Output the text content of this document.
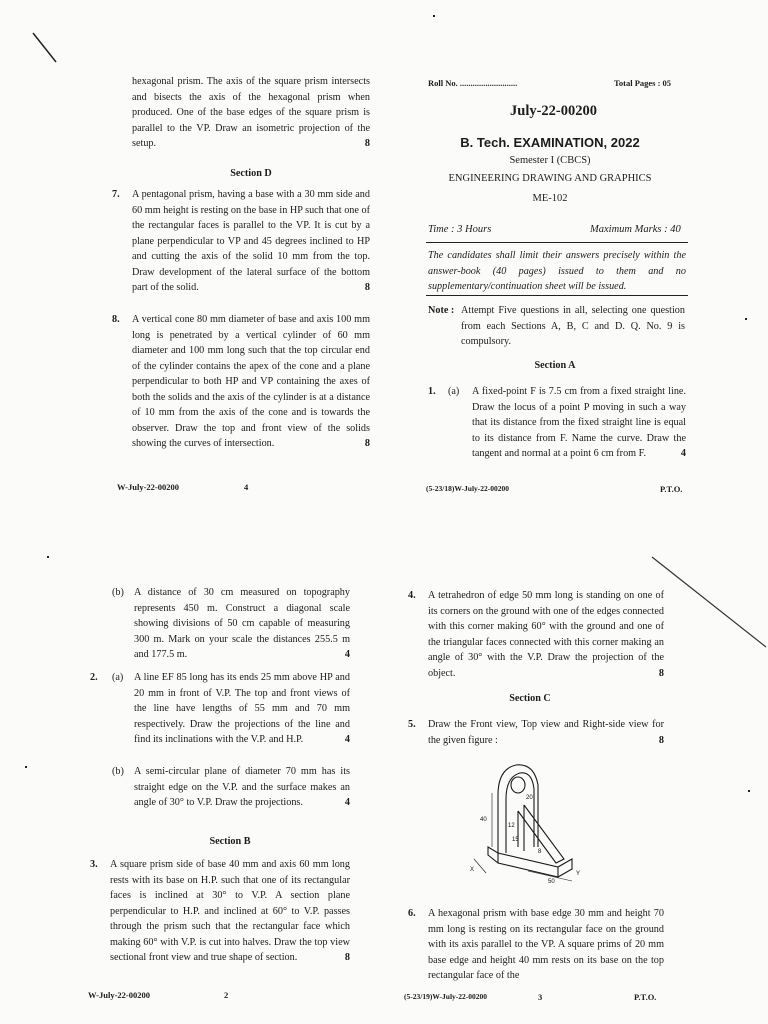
hexagonal prism. The axis of the square prism intersects and bisects the axis of the hexagonal prism when produced. One of the base edges of the square prism is parallel to the VP. Draw an isometric projection of the setup.	8
Section D
7. A pentagonal prism, having a base with a 30 mm side and 60 mm height is resting on the base in HP such that one of the rectangular faces is parallel to the VP. It is cut by a plane perpendicular to VP and 45 degrees inclined to HP and cutting the axis of the solid 10 mm from the top. Draw development of the lateral surface of the bottom part of the solid.	8
8. A vertical cone 80 mm diameter of base and axis 100 mm long is penetrated by a vertical cylinder of 60 mm diameter and 100 mm long such that the top circular end of the cylinder contains the apex of the cone and a plane perpendicular to both HP and VP containing the axes of both the solids and the axis of the cylinder is at a distance of 10 mm from the axis of the cone and is towards the observer. Draw the top and front view of the solids showing the curves of intersection.	8
W-July-22-00200	4
Roll No. ...........................	Total Pages : 05
July-22-00200
B. Tech. EXAMINATION, 2022
Semester I (CBCS)
ENGINEERING DRAWING AND GRAPHICS
ME-102
Time : 3 Hours	Maximum Marks : 40
The candidates shall limit their answers precisely within the answer-book (40 pages) issued to them and no supplementary/continuation sheet will be issued.
Note : Attempt Five questions in all, selecting one question from each Sections A, B, C and D. Q. No. 9 is compulsory.
Section A
1. (a) A fixed-point F is 7.5 cm from a fixed straight line. Draw the locus of a point P moving in such a way that its distance from the fixed straight line is equal to its distance from F. Name the curve. Draw the tangent and normal at a point 6 cm from F.	4
(5-23/18)W-July-22-00200	P.T.O.
(b) A distance of 30 cm measured on topography represents 450 m. Construct a diagonal scale showing divisions of 50 cm capable of measuring 300 m. Mark on your scale the distances 255.5 m and 177.5 m.	4
2. (a) A line EF 85 long has its ends 25 mm above HP and 20 mm in front of V.P. The top and front views of the line have lengths of 55 mm and 70 mm respectively. Draw the projections of the line and find its inclinations with the V.P. and H.P.	4
(b) A semi-circular plane of diameter 70 mm has its straight edge on the V.P. and the surface makes an angle of 30° to V.P. Draw the projections.	4
Section B
3. A square prism side of base 40 mm and axis 60 mm long rests with its base on H.P. such that one of its rectangular faces is inclined at 30° to V.P. A section plane perpendicular to H.P. and inclined at 60° to V.P. passes through the prism such that the rectangular face which making 60° with V.P. is cut into halves. Draw the top view sectional front view and true shape of section.	8
W-July-22-00200	2
4. A tetrahedron of edge 50 mm long is standing on one of its corners on the ground with one of the edges connected with this corner making 60° with the ground and one of the triangular faces connected with this corner making an angle of 30° with the V.P. Draw the projection of the object.	8
Section C
5. Draw the Front view, Top view and Right-side view for the given figure :	8
40
12
20
15
8
50
X
Y
6. A hexagonal prism with base edge 30 mm and height 70 mm long is resting on its rectangular face on the ground with its axis parallel to the VP. A square prims of 20 mm base edge and height 40 mm rests on its base on the top rectangular face of the
(5-23/19)W-July-22-00200	3	P.T.O.
